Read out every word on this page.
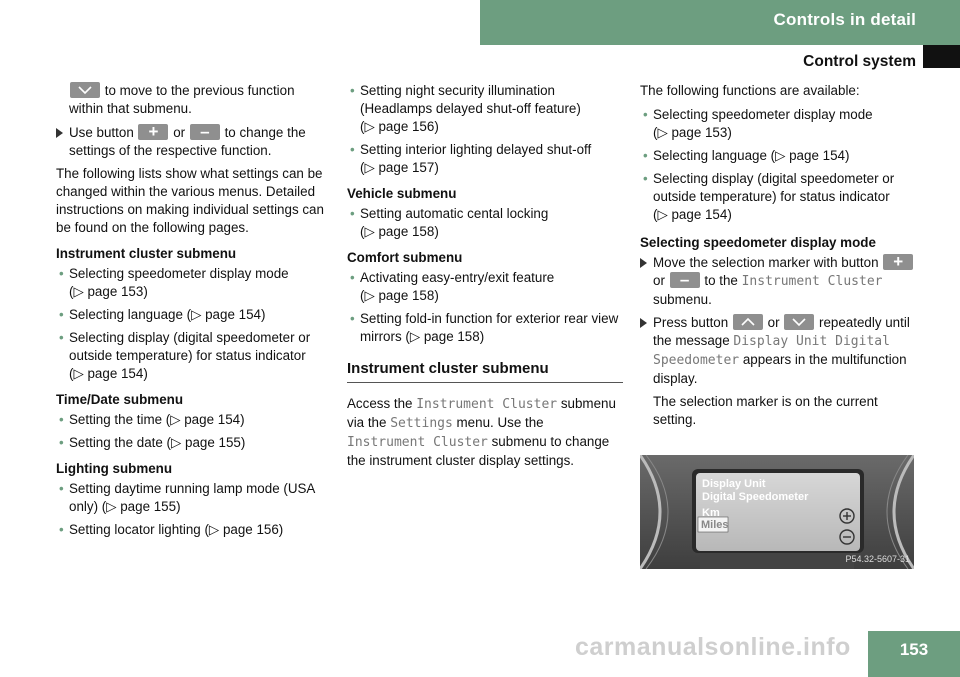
Controls in detail
Control system

to move to the previous function within that submenu.

Use button + or – to change the settings of the respective function.

The following lists show what settings can be changed within the various menus. Detailed instructions on making individual settings can be found on the following pages.

Instrument cluster submenu
• Selecting speedometer display mode
(▷ page 153)
• Selecting language (▷ page 154)
• Selecting display (digital speedometer or outside temperature) for status indicator
(▷ page 154)
Time/Date submenu
• Setting the time (▷ page 154)
• Setting the date (▷ page 155)
Lighting submenu
• Setting daytime running lamp mode (USA only) (▷ page 155)
• Setting locator lighting (▷ page 156)
• Setting night security illumination (Headlamps delayed shut-off feature)
(▷ page 156)
• Setting interior lighting delayed shut-off
(▷ page 157)
Vehicle submenu
• Setting automatic cental locking
(▷ page 158)
Comfort submenu
• Activating easy-entry/exit feature
(▷ page 158)
• Setting fold-in function for exterior rear view mirrors (▷ page 158)
Instrument cluster submenu

Access the Instrument Cluster submenu via the Settings menu. Use the Instrument Cluster submenu to change the instrument cluster display settings.

The following functions are available:

• Selecting speedometer display mode
(▷ page 153)
• Selecting language (▷ page 154)
• Selecting display (digital speedometer or outside temperature) for status indicator
(▷ page 154)
Selecting speedometer display mode
Move the selection marker with button +
or – to the Instrument Cluster submenu.
Press button
or
repeatedly until the message Display Unit Digital Speedometer appears in the multifunction display.

The selection marker is on the current setting.

Display Unit
Digital Speedometer
Km
Miles
P54.32-5607-31
carmanualsonline.info	153
